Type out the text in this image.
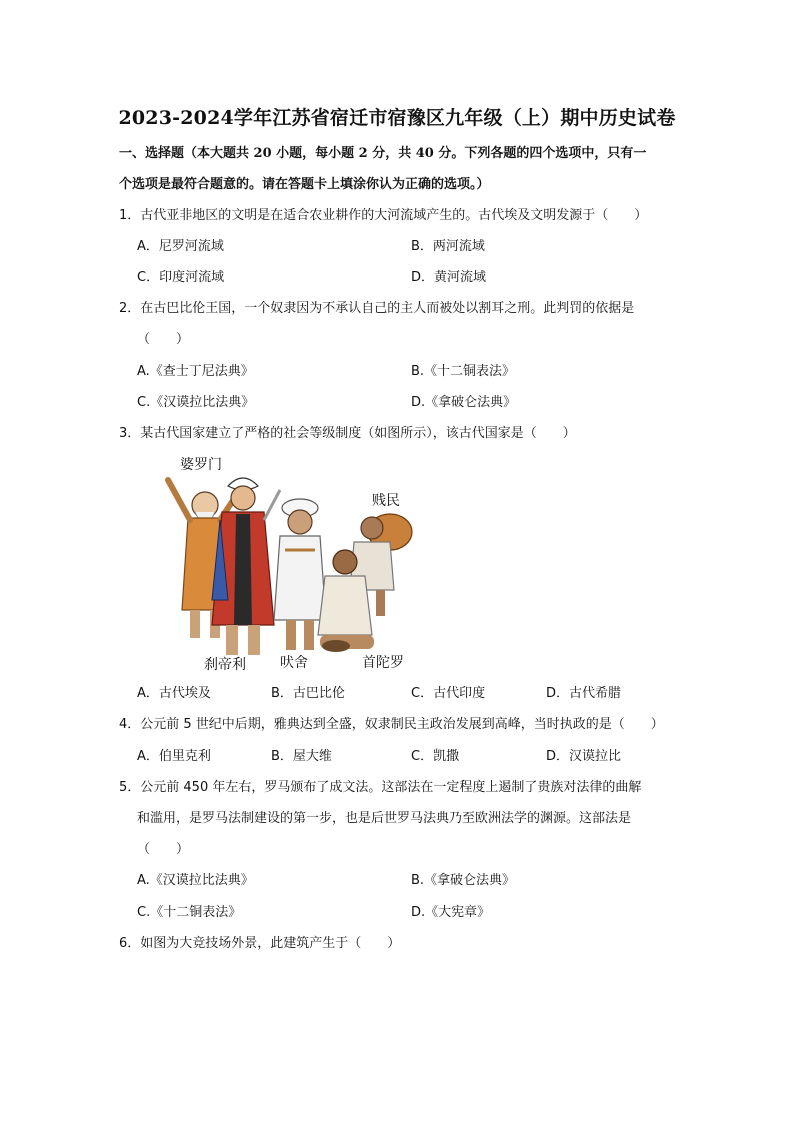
2023-2024学年江苏省宿迁市宿豫区九年级（上）期中历史试卷
一、选择题（本大题共 20 小题，每小题 2 分，共 40 分。下列各题的四个选项中，只有一
个选项是最符合题意的。请在答题卡上填涂你认为正确的选项。）
1．古代亚非地区的文明是在适合农业耕作的大河流域产生的。古代埃及文明发源于（　　）
A．尼罗河流域	B．两河流域
C．印度河流域	D．黄河流域
2．在古巴比伦王国，一个奴隶因为不承认自己的主人而被处以割耳之刑。此判罚的依据是
（　　）
A.《查士丁尼法典》	B.《十二铜表法》
C.《汉谟拉比法典》	D.《拿破仑法典》
3．某古代国家建立了严格的社会等级制度（如图所示），该古代国家是（　　）
婆罗门
贱民
刹帝利 吠舍	首陀罗
A．古代埃及	B．古巴比伦	C．古代印度	D．古代希腊
4．公元前 5 世纪中后期，雅典达到全盛，奴隶制民主政治发展到高峰，当时执政的是（　　）
A．伯里克利	B．屋大维	C．凯撒	D．汉谟拉比
5．公元前 450 年左右，罗马颁布了成文法。这部法在一定程度上遏制了贵族对法律的曲解
和滥用，是罗马法制建设的第一步，也是后世罗马法典乃至欧洲法学的渊源。这部法是
（　　）
A.《汉谟拉比法典》	B.《拿破仑法典》
C.《十二铜表法》	D.《大宪章》
6．如图为大竞技场外景，此建筑产生于（　　）
